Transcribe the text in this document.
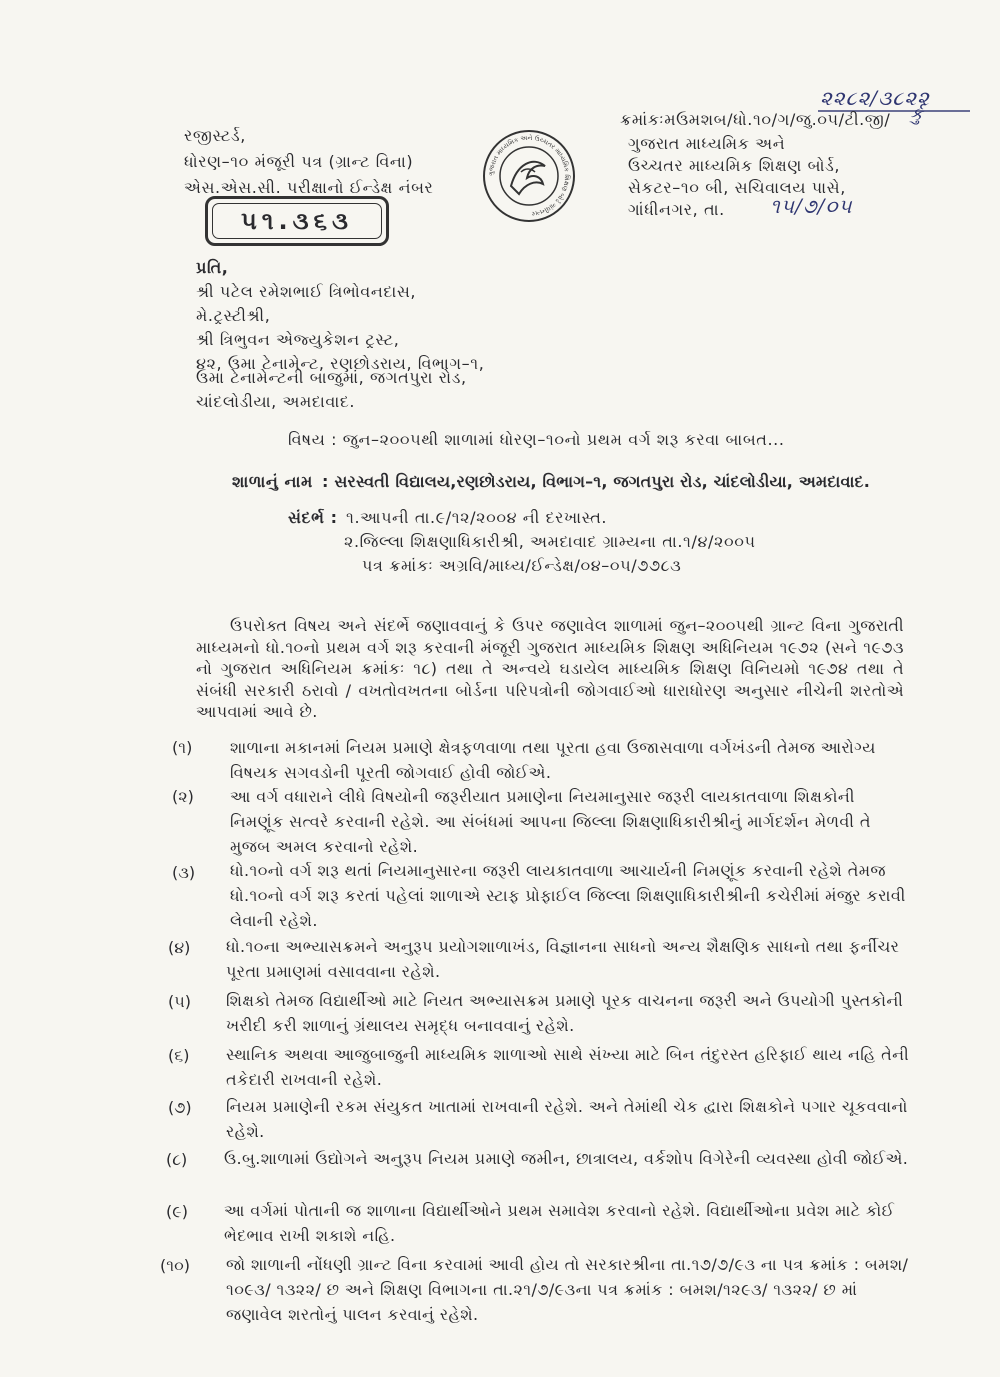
૨૨૮૨/૩૮૨૨
રજીસ્ટર્ડ,
ધોરણ–૧૦ મંજૂરી પત્ર (ગ્રાન્ટ વિના)
એસ.એસ.સી. પરીક્ષાનો ઈન્ડેક્ષ નંબર
૫૧.૩૬૩
ગુજરાત માધ્યમિક અને ઉચ્ચતર માધ્યમિક શિક્ષણ બોર્ડ ગાંધીનગર
ક્રમાંકઃમઉમશબ/ધો.૧૦/ગ/જુ.૦૫/ટી.જી/ ર્કુ
ગુજરાત માધ્યમિક અને
ઉચ્ચતર માધ્યમિક શિક્ષણ બોર્ડ,
સેકટર–૧૦ બી, સચિવાલય પાસે,
ગાંધીનગર, તા. ૧૫/૭/૦૫
પ્રતિ,
શ્રી પટેલ રમેશભાઈ ત્રિભોવનદાસ,
મે.ટ્રસ્ટીશ્રી,
શ્રી ત્રિભુવન એજ્યુકેશન ટ્રસ્ટ,
૪૨, ઉમા ટેનામેન્ટ, રણછોડરાય, વિભાગ–૧,
ઉમા ટેનામેન્ટની બાજુમાં, જગતપુરા રોડ,
ચાંદલોડીયા, અમદાવાદ.
વિષય : જુન–૨૦૦૫થી શાળામાં ધોરણ–૧૦નો પ્રથમ વર્ગ શરૂ કરવા બાબત...
શાળાનું નામ : સરસ્વતી વિદ્યાલય,રણછોડરાય, વિભાગ–૧, જગતપુરા રોડ, ચાંદલોડીયા, અમદાવાદ.
સંદર્ભ : ૧.આપની તા.૯/૧૨/૨૦૦૪ ની દરખાસ્ત.
૨.જિલ્લા શિક્ષણાધિકારીશ્રી, અમદાવાદ ગ્રામ્યના તા.૧/૪/૨૦૦૫
પત્ર ક્રમાંકઃ અગ્રવિ/માધ્ય/ઈન્ડેક્ષ/૦૪–૦૫/૭૭૮૩
ઉપરોક્ત વિષય અને સંદર્ભે જણાવવાનું કે ઉપર જણાવેલ શાળામાં જુન–૨૦૦૫થી ગ્રાન્ટ વિના ગુજરાતી માધ્યમનો ધો.૧૦નો પ્રથમ વર્ગ શરૂ કરવાની મંજૂરી ગુજરાત માધ્યમિક શિક્ષણ અધિનિયમ ૧૯૭૨ (સને ૧૯૭૩ નો ગુજરાત અધિનિયમ ક્રમાંકઃ ૧૮) તથા તે અન્વયે ઘડાયેલ માધ્યમિક શિક્ષણ વિનિયમો ૧૯૭૪ તથા તે સંબંધી સરકારી ઠરાવો / વખતોવખતના બોર્ડના પરિપત્રોની જોગવાઈઓ ધારાધોરણ અનુસાર નીચેની શરતોએ આપવામાં આવે છે.
(૧) શાળાના મકાનમાં નિયમ પ્રમાણે ક્ષેત્રફળવાળા તથા પૂરતા હવા ઉજાસવાળા વર્ગખંડની તેમજ આરોગ્ય વિષયક સગવડોની પૂરતી જોગવાઈ હોવી જોઈએ.
(૨) આ વર્ગ વધારાને લીધે વિષયોની જરૂરીયાત પ્રમાણેના નિયમાનુસાર જરૂરી લાયકાતવાળા શિક્ષકોની નિમણૂંક સત્વરે કરવાની રહેશે. આ સંબંધમાં આપના જિલ્લા શિક્ષણાધિકારીશ્રીનું માર્ગદર્શન મેળવી તે મુજબ અમલ કરવાનો રહેશે.
(૩) ધો.૧૦નો વર્ગ શરૂ થતાં નિયમાનુસારના જરૂરી લાયકાતવાળા આચાર્યની નિમણૂંક કરવાની રહેશે તેમજ ધો.૧૦નો વર્ગ શરૂ કરતાં પહેલાં શાળાએ સ્ટાફ પ્રોફાઈલ જિલ્લા શિક્ષણાધિકારીશ્રીની કચેરીમાં મંજુર કરાવી લેવાની રહેશે.
(૪) ધો.૧૦ના અભ્યાસક્રમને અનુરૂપ પ્રયોગશાળાખંડ, વિજ્ઞાનના સાધનો અન્ય શૈક્ષણિક સાધનો તથા ફર્નીચર પૂરતા પ્રમાણમાં વસાવવાના રહેશે.
(૫) શિક્ષકો તેમજ વિદ્યાર્થીઓ માટે નિયત અભ્યાસક્રમ પ્રમાણે પૂરક વાચનના જરૂરી અને ઉપયોગી પુસ્તકોની ખરીદી કરી શાળાનું ગ્રંથાલય સમૃદ્ધ બનાવવાનું રહેશે.
(૬) સ્થાનિક અથવા આજુબાજુની માધ્યમિક શાળાઓ સાથે સંખ્યા માટે બિન તંદુરસ્ત હરિફાઈ થાય નહિ તેની તકેદારી રાખવાની રહેશે.
(૭) નિયમ પ્રમાણેની રકમ સંયુકત ખાતામાં રાખવાની રહેશે. અને તેમાંથી ચેક દ્વારા શિક્ષકોને પગાર ચૂકવવાનો રહેશે.
(૮) ઉ.બુ.શાળામાં ઉદ્યોગને અનુરૂપ નિયમ પ્રમાણે જમીન, છાત્રાલય, વર્કશોપ વિગેરેની વ્યવસ્થા હોવી જોઈએ.
(૯) આ વર્ગમાં પોતાની જ શાળાના વિદ્યાર્થીઓને પ્રથમ સમાવેશ કરવાનો રહેશે. વિદ્યાર્થીઓના પ્રવેશ માટે કોઈ ભેદભાવ રાખી શકાશે નહિ.
(૧૦) જો શાળાની નોંધણી ગ્રાન્ટ વિના કરવામાં આવી હોય તો સરકારશ્રીના તા.૧૭/૭/૯૩ ના પત્ર ક્રમાંક : બમશ/ ૧૦૯૩/ ૧૩૨૨/ છ અને શિક્ષણ વિભાગના તા.૨૧/૭/૯૩ના પત્ર ક્રમાંક : બમશ/૧૨૯૩/ ૧૩૨૨/ છ માં જણાવેલ શરતોનું પાલન કરવાનું રહેશે.
